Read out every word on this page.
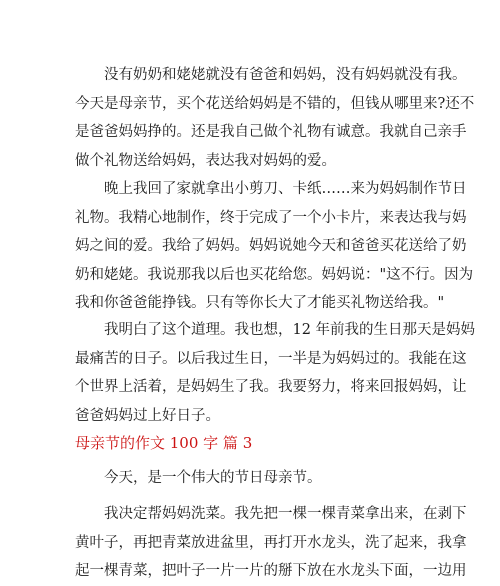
没有奶奶和姥姥就没有爸爸和妈妈，没有妈妈就没有我。
今天是母亲节，买个花送给妈妈是不错的，但钱从哪里来?还不
是爸爸妈妈挣的。还是我自己做个礼物有诚意。我就自己亲手
做个礼物送给妈妈，表达我对妈妈的爱。

晚上我回了家就拿出小剪刀、卡纸……来为妈妈制作节日
礼物。我精心地制作，终于完成了一个小卡片，来表达我与妈
妈之间的爱。我给了妈妈。妈妈说她今天和爸爸买花送给了奶
奶和姥姥。我说那我以后也买花给您。妈妈说："这不行。因为
我和你爸爸能挣钱。只有等你长大了才能买礼物送给我。"

我明白了这个道理。我也想，12 年前我的生日那天是妈妈
最痛苦的日子。以后我过生日，一半是为妈妈过的。我能在这
个世界上活着，是妈妈生了我。我要努力，将来回报妈妈，让
爸爸妈妈过上好日子。

母亲节的作文 100 字 篇 3

今天，是一个伟大的节日母亲节。

我决定帮妈妈洗菜。我先把一棵一棵青菜拿出来，在剥下
黄叶子，再把青菜放进盆里，再打开水龙头，洗了起来，我拿
起一棵青菜，把叶子一片一片的掰下放在水龙头下面，一边用
